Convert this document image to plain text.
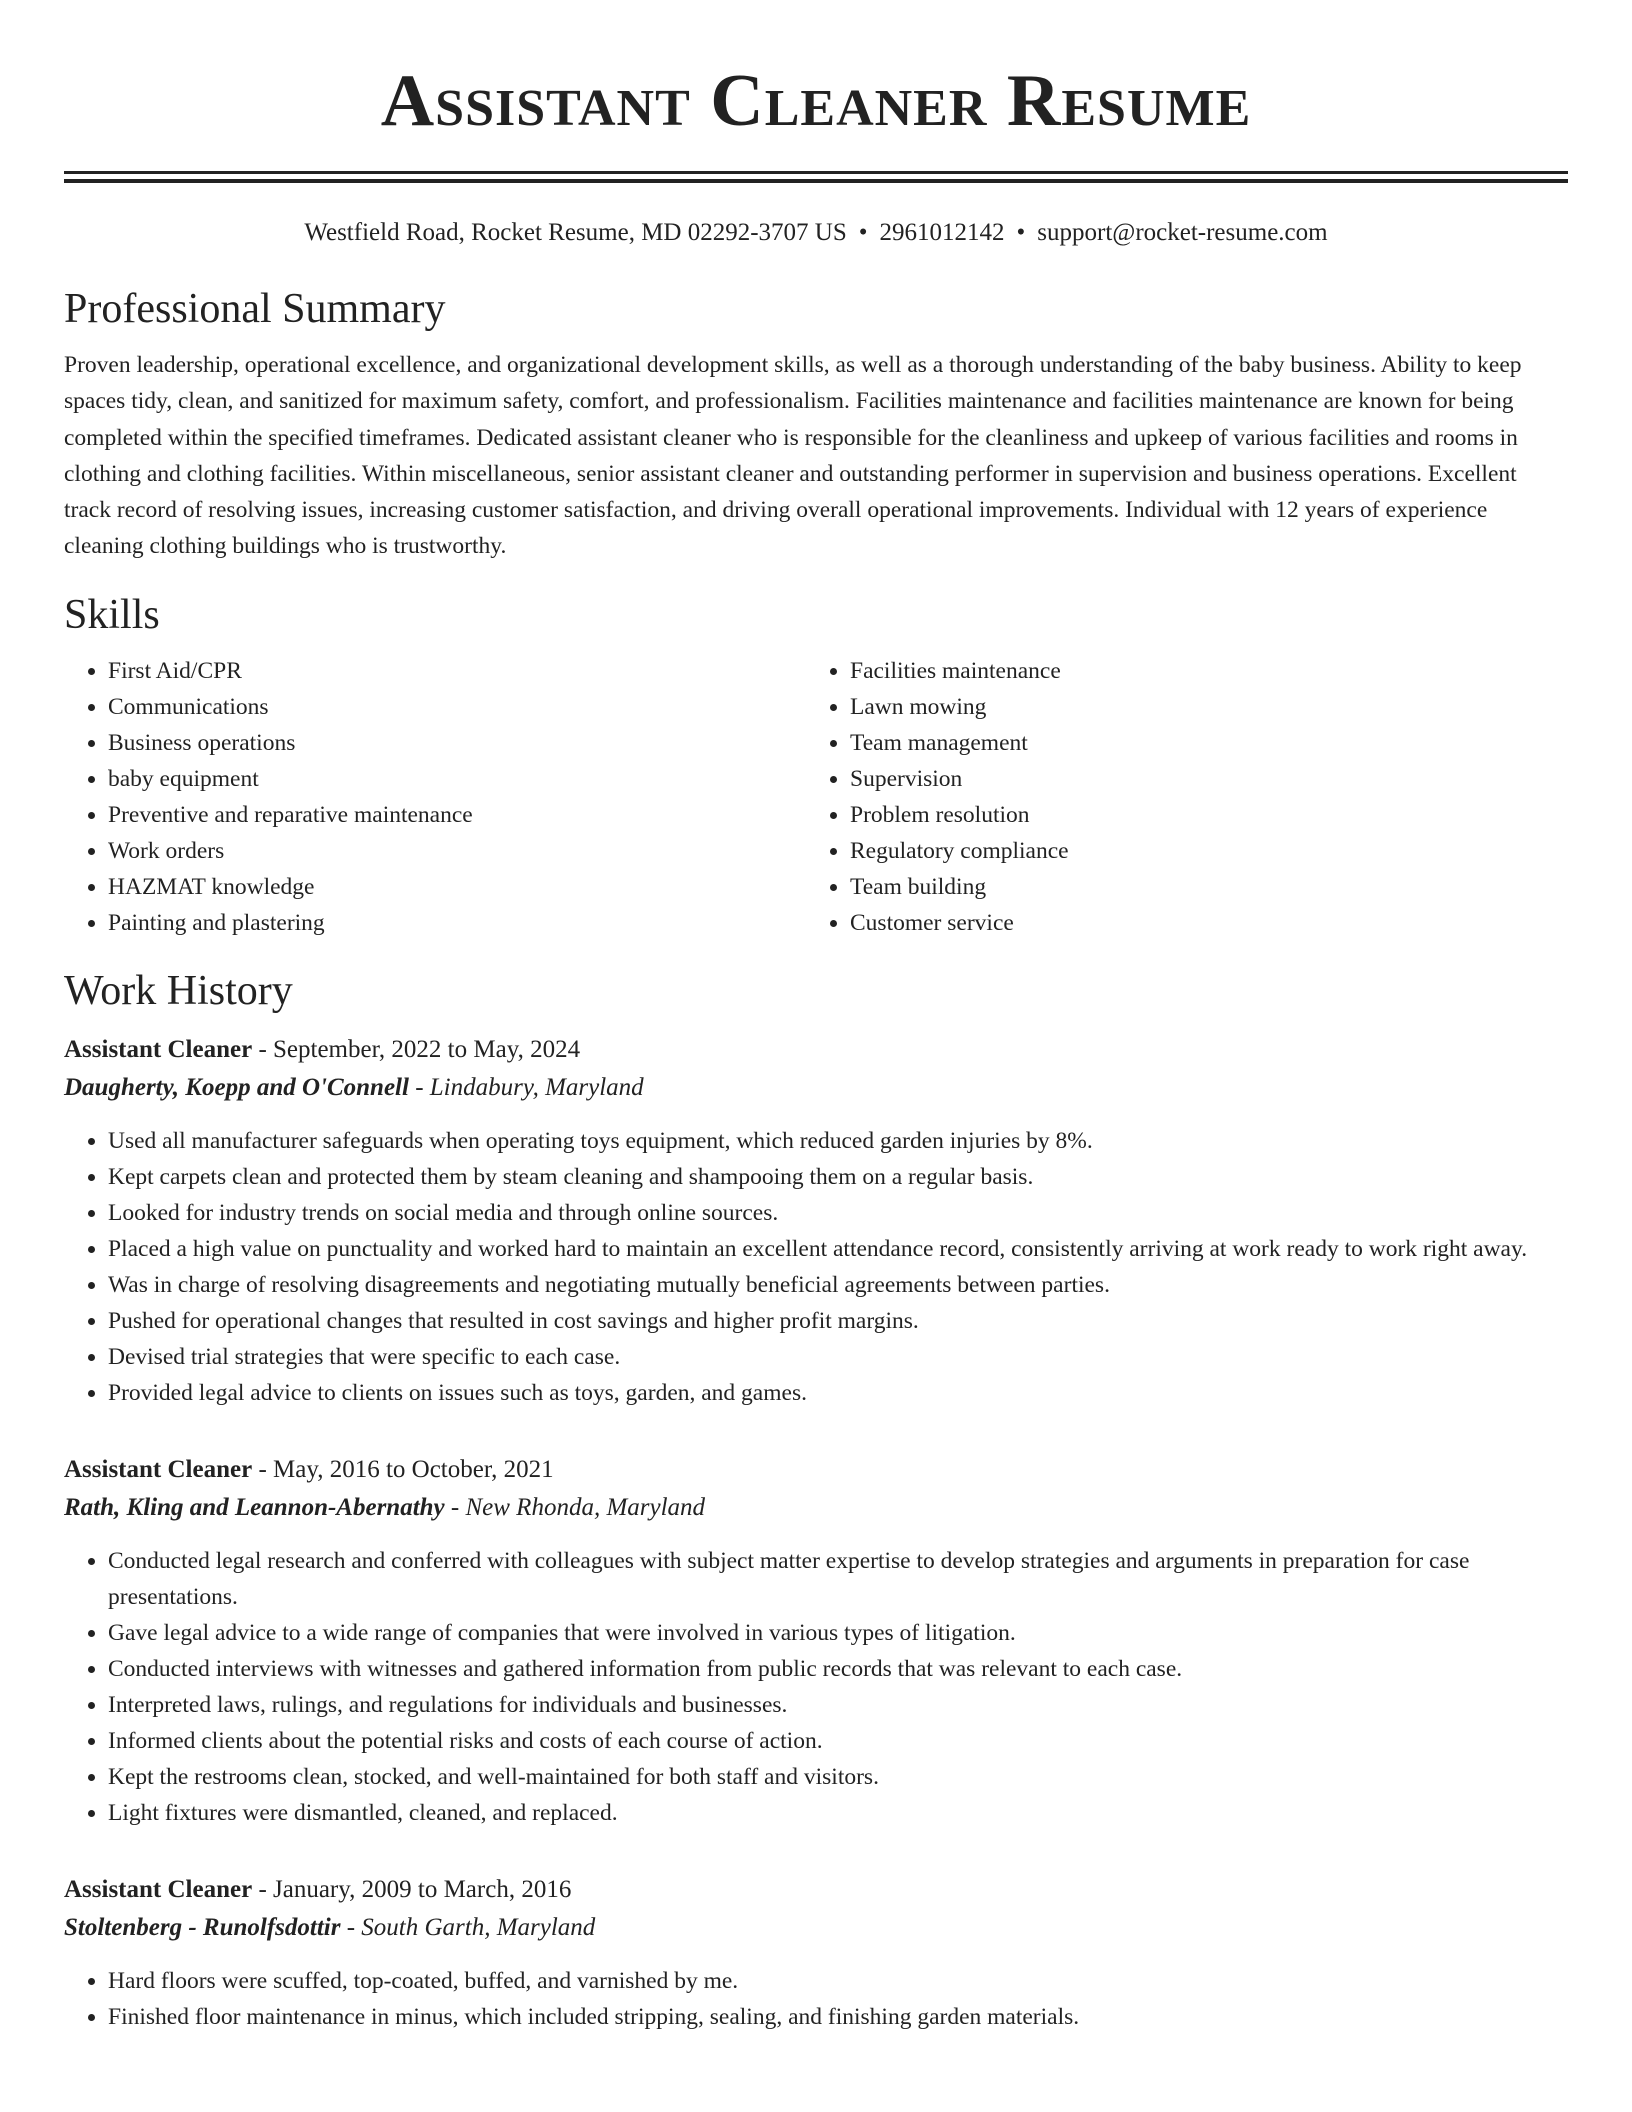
Assistant Cleaner Resume
Westfield Road, Rocket Resume, MD 02292-3707 US • 2961012142 • support@rocket-resume.com
Professional Summary

Proven leadership, operational excellence, and organizational development skills, as well as a thorough understanding of the baby business. Ability to keep spaces tidy, clean, and sanitized for maximum safety, comfort, and professionalism. Facilities maintenance and facilities maintenance are known for being completed within the specified timeframes. Dedicated assistant cleaner who is responsible for the cleanliness and upkeep of various facilities and rooms in clothing and clothing facilities. Within miscellaneous, senior assistant cleaner and outstanding performer in supervision and business operations. Excellent track record of resolving issues, increasing customer satisfaction, and driving overall operational improvements. Individual with 12 years of experience cleaning clothing buildings who is trustworthy.

Skills
• First Aid/CPR
• Communications
• Business operations
• baby equipment
• Preventive and reparative maintenance
• Work orders
• HAZMAT knowledge
• Painting and plastering
• Facilities maintenance
• Lawn mowing
• Team management
• Supervision
• Problem resolution
• Regulatory compliance
• Team building
• Customer service
Work History
Assistant Cleaner - September, 2022 to May, 2024
Daugherty, Koepp and O'Connell - Lindabury, Maryland
• Used all manufacturer safeguards when operating toys equipment, which reduced garden injuries by 8%.
• Kept carpets clean and protected them by steam cleaning and shampooing them on a regular basis.
• Looked for industry trends on social media and through online sources.
• Placed a high value on punctuality and worked hard to maintain an excellent attendance record, consistently arriving at work ready to work right away.
• Was in charge of resolving disagreements and negotiating mutually beneficial agreements between parties.
• Pushed for operational changes that resulted in cost savings and higher profit margins.
• Devised trial strategies that were specific to each case.
• Provided legal advice to clients on issues such as toys, garden, and games.
Assistant Cleaner - May, 2016 to October, 2021
Rath, Kling and Leannon-Abernathy - New Rhonda, Maryland
• Conducted legal research and conferred with colleagues with subject matter expertise to develop strategies and arguments in preparation for case presentations.
• Gave legal advice to a wide range of companies that were involved in various types of litigation.
• Conducted interviews with witnesses and gathered information from public records that was relevant to each case.
• Interpreted laws, rulings, and regulations for individuals and businesses.
• Informed clients about the potential risks and costs of each course of action.
• Kept the restrooms clean, stocked, and well-maintained for both staff and visitors.
• Light fixtures were dismantled, cleaned, and replaced.
Assistant Cleaner - January, 2009 to March, 2016
Stoltenberg - Runolfsdottir - South Garth, Maryland
• Hard floors were scuffed, top-coated, buffed, and varnished by me.
• Finished floor maintenance in minus, which included stripping, sealing, and finishing garden materials.
